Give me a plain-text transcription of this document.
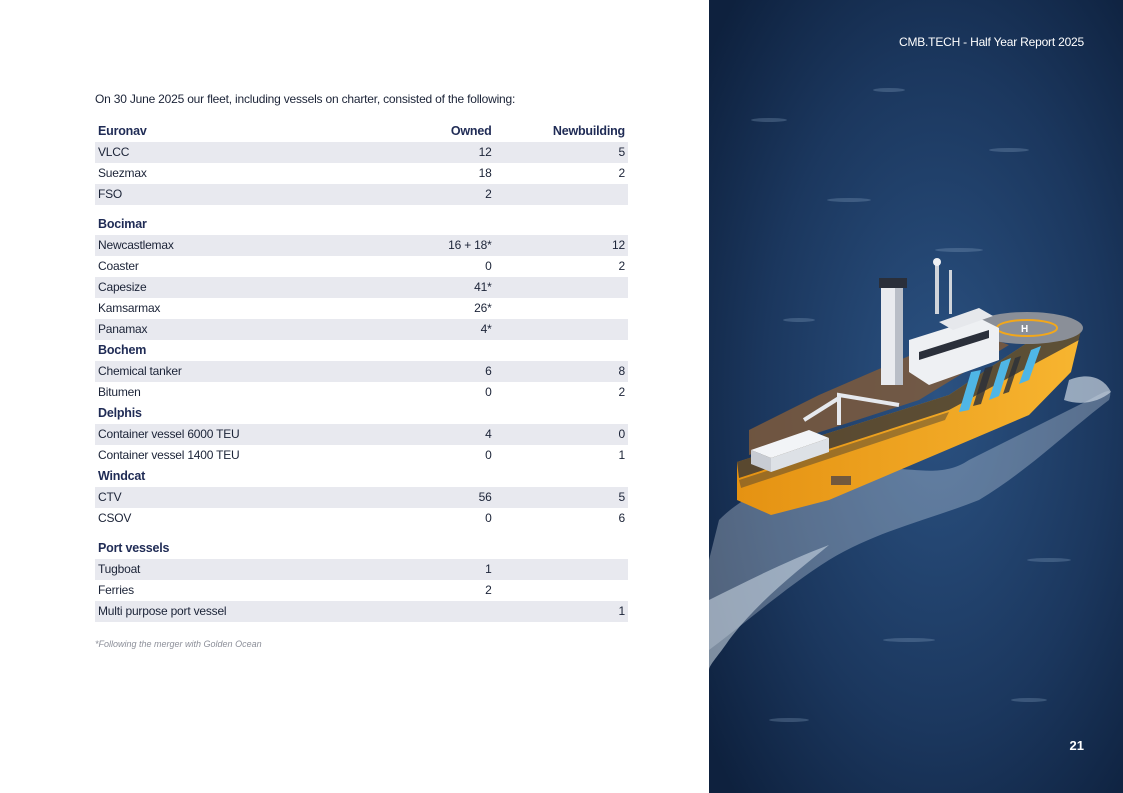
On 30 June 2025 our fleet, including vessels on charter, consisted of the following:
Euronav	Owned	Newbuilding
VLCC	12	5
Suezmax	18	2
FSO	2	

Bocimar		
Newcastlemax	16 + 18*	12
Coaster	0	2
Capesize	41*	
Kamsarmax	26*	
Panamax	4*	
Bochem		
Chemical tanker	6	8
Bitumen	0	2
Delphis		
Container vessel 6000 TEU	4	0
Container vessel 1400 TEU	0	1
Windcat		
CTV	56	5
CSOV	0	6

Port vessels		
Tugboat	1	
Ferries	2	
Multi purpose port vessel		1
*Following the merger with Golden Ocean
H
CMB.TECH - Half Year Report 2025
21
